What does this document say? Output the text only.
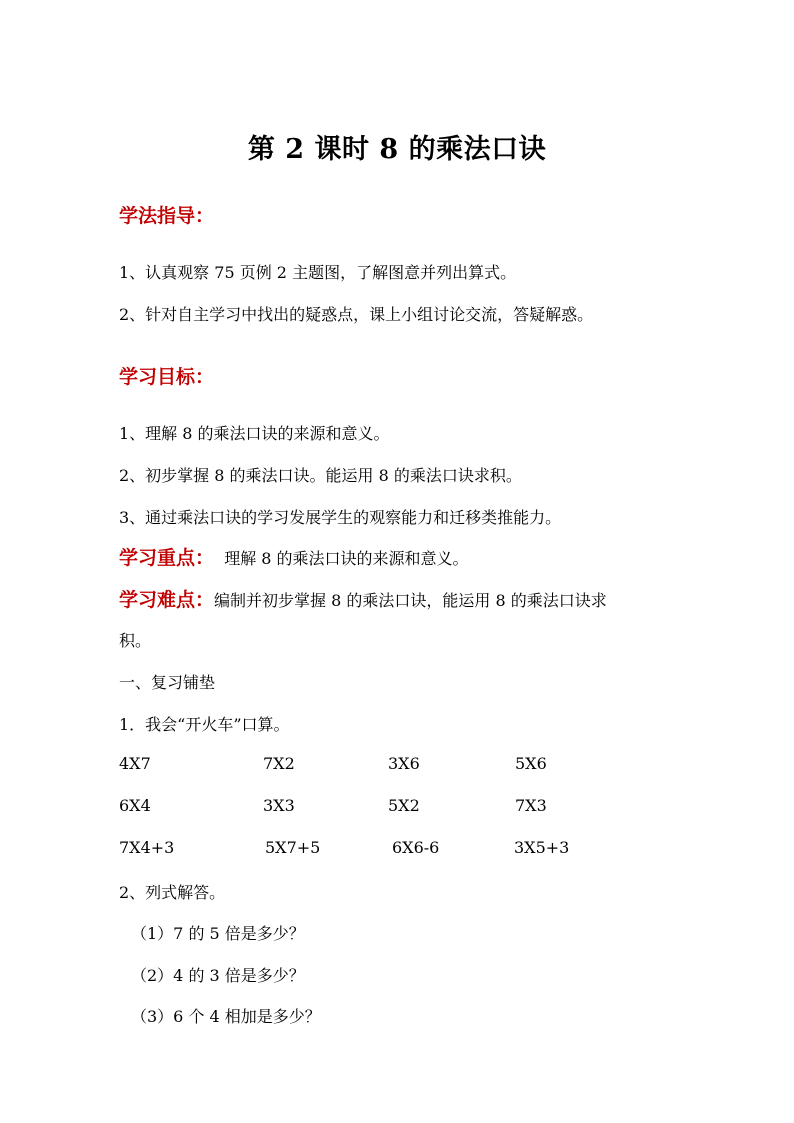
第 2 课时 8 的乘法口诀
学法指导：
1、认真观察 75 页例 2 主题图，了解图意并列出算式。
2、针对自主学习中找出的疑惑点，课上小组讨论交流，答疑解惑。
学习目标：
1、理解 8 的乘法口诀的来源和意义。
2、初步掌握 8 的乘法口诀。能运用 8 的乘法口诀求积。
3、通过乘法口诀的学习发展学生的观察能力和迁移类推能力。
学习重点：  理解 8 的乘法口诀的来源和意义。
学习难点：编制并初步掌握 8 的乘法口诀，能运用 8 的乘法口诀求
积。
一、复习铺垫
1．我会“开火车”口算。
4X7	7X2	3X6	5X6
6X4	3X3	5X2	7X3
7X4+3	5X7+5	6X6-6	3X5+3
2、列式解答。
（1）7 的 5 倍是多少？
（2）4 的 3 倍是多少？
（3）6 个 4 相加是多少？
